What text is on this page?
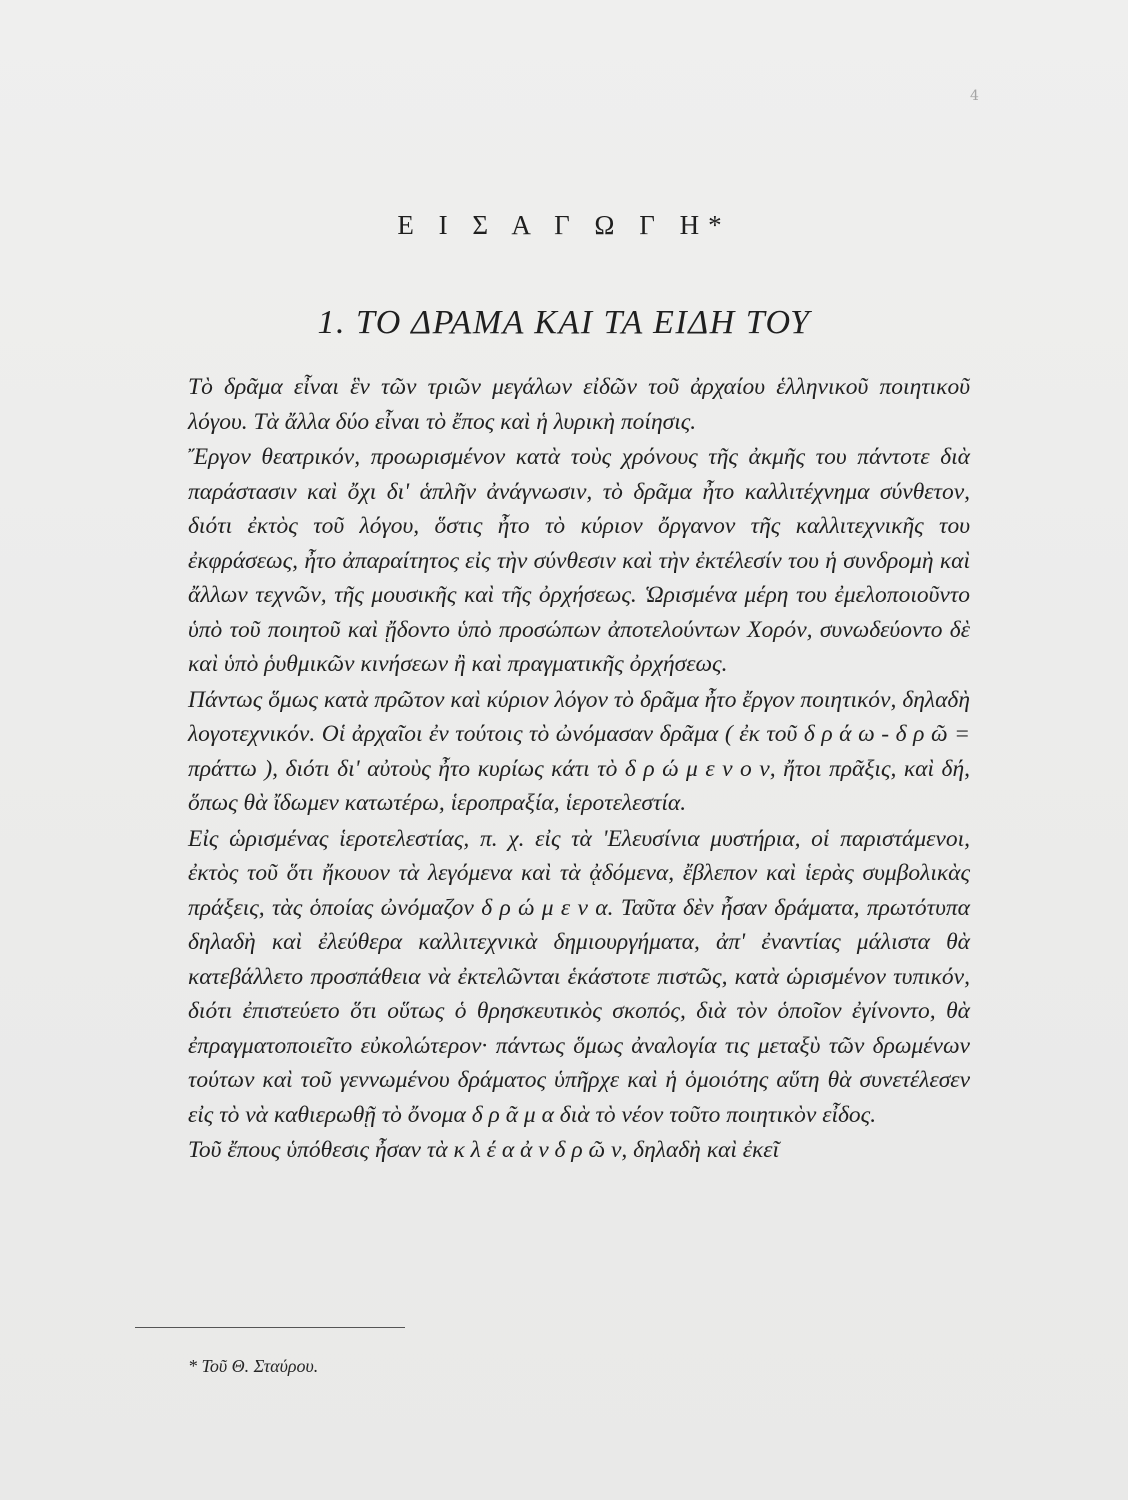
4
Ε Ι Σ Α Γ Ω Γ Η*
1. ΤΟ ΔΡΑΜΑ ΚΑΙ ΤΑ ΕΙΔΗ ΤΟΥ

Τὸ δρᾶμα εἶναι ἓν τῶν τριῶν μεγάλων εἰδῶν τοῦ ἀρχαίου ἑλληνικοῦ ποιητικοῦ λόγου. Τὰ ἄλλα δύο εἶναι τὸ ἔπος καὶ ἡ λυρικὴ ποίησις.

Ἔργον θεατρικόν, προωρισμένον κατὰ τοὺς χρόνους τῆς ἀκμῆς του πάντοτε διὰ παράστασιν καὶ ὄχι δι' ἁπλῆν ἀνάγνωσιν, τὸ δρᾶμα ἦτο καλλιτέχνημα σύνθετον, διότι ἐκτὸς τοῦ λόγου, ὅστις ἦτο τὸ κύριον ὄργανον τῆς καλλιτεχνικῆς του ἐκφράσεως, ἦτο ἀπαραίτητος εἰς τὴν σύνθεσιν καὶ τὴν ἐκτέλεσίν του ἡ συνδρομὴ καὶ ἄλλων τεχνῶν, τῆς μουσικῆς καὶ τῆς ὀρχήσεως. Ὡρισμένα μέρη του ἐμελοποιοῦντο ὑπὸ τοῦ ποιητοῦ καὶ ᾔδοντο ὑπὸ προσώπων ἀποτελούντων Χορόν, συνωδεύοντο δὲ καὶ ὑπὸ ῥυθμικῶν κινήσεων ἢ καὶ πραγματικῆς ὀρχήσεως.

Πάντως ὅμως κατὰ πρῶτον καὶ κύριον λόγον τὸ δρᾶμα ἦτο ἔργον ποιητικόν, δηλαδὴ λογοτεχνικόν. Οἱ ἀρχαῖοι ἐν τούτοις τὸ ὠνόμασαν δρᾶμα ( ἐκ τοῦ δ ρ ά ω - δ ρ ῶ = πράττω ), διότι δι' αὐτοὺς ἦτο κυρίως κάτι τὸ δ ρ ώ μ ε ν ο ν, ἤτοι πρᾶξις, καὶ δή, ὅπως θὰ ἴδωμεν κατωτέρω, ἱεροπραξία, ἱεροτελεστία.

Εἰς ὡρισμένας ἱεροτελεστίας, π. χ. εἰς τὰ 'Ελευσίνια μυστήρια, οἱ παριστάμενοι, ἐκτὸς τοῦ ὅτι ἤκουον τὰ λεγόμενα καὶ τὰ ᾀδόμενα, ἔβλεπον καὶ ἱερὰς συμβολικὰς πράξεις, τὰς ὁποίας ὠνόμαζον δ ρ ώ μ ε ν α. Ταῦτα δὲν ἦσαν δράματα, πρωτότυπα δηλαδὴ καὶ ἐλεύθερα καλλιτεχνικὰ δημιουργήματα, ἀπ' ἐναντίας μάλιστα θὰ κατεβάλλετο προσπάθεια νὰ ἐκτελῶνται ἑκάστοτε πιστῶς, κατὰ ὡρισμένον τυπικόν, διότι ἐπιστεύετο ὅτι οὕτως ὁ θρησκευτικὸς σκοπός, διὰ τὸν ὁποῖον ἐγίνοντο, θὰ ἐπραγματοποιεῖτο εὐκολώτερον· πάντως ὅμως ἀναλογία τις μεταξὺ τῶν δρωμένων τούτων καὶ τοῦ γεννωμένου δράματος ὑπῆρχε καὶ ἡ ὁμοιότης αὕτη θὰ συνετέλεσεν εἰς τὸ νὰ καθιερωθῇ τὸ ὄνομα δ ρ ᾶ μ α διὰ τὸ νέον τοῦτο ποιητικὸν εἶδος.

Τοῦ ἔπους ὑπόθεσις ἦσαν τὰ κ λ έ α ἀ ν δ ρ ῶ ν, δηλαδὴ καὶ ἐκεῖ

* Τοῦ Θ. Σταύρου.
